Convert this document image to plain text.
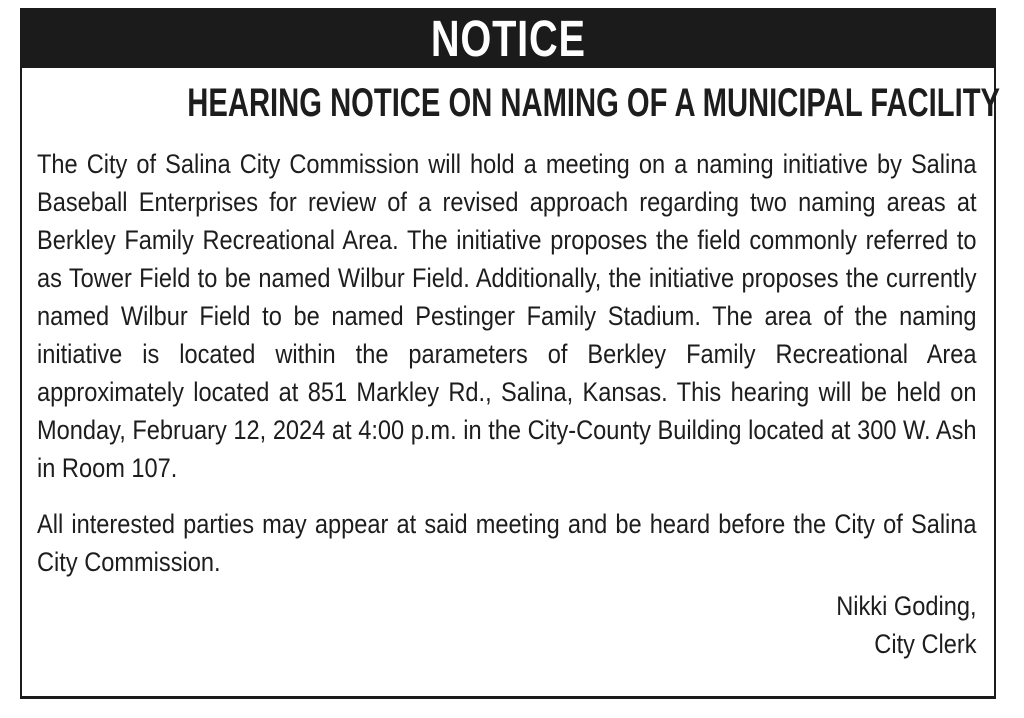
NOTICE
HEARING NOTICE ON NAMING OF A MUNICIPAL FACILITY

The City of Salina City Commission will hold a meeting on a naming initiative by Salina Baseball Enterprises for review of a revised approach regarding two naming areas at Berkley Family Recreational Area. The initiative proposes the field commonly referred to as Tower Field to be named Wilbur Field. Additionally, the initiative proposes the currently named Wilbur Field to be named Pestinger Family Stadium. The area of the naming initiative is located within the parameters of Berkley Family Recreational Area approximately located at 851 Markley Rd., Salina, Kansas. This hearing will be held on Monday, February 12, 2024 at 4:00 p.m. in the City-County Building located at 300 W. Ash in Room 107.

All interested parties may appear at said meeting and be heard before the City of Salina City Commission.

Nikki Goding,
City Clerk
